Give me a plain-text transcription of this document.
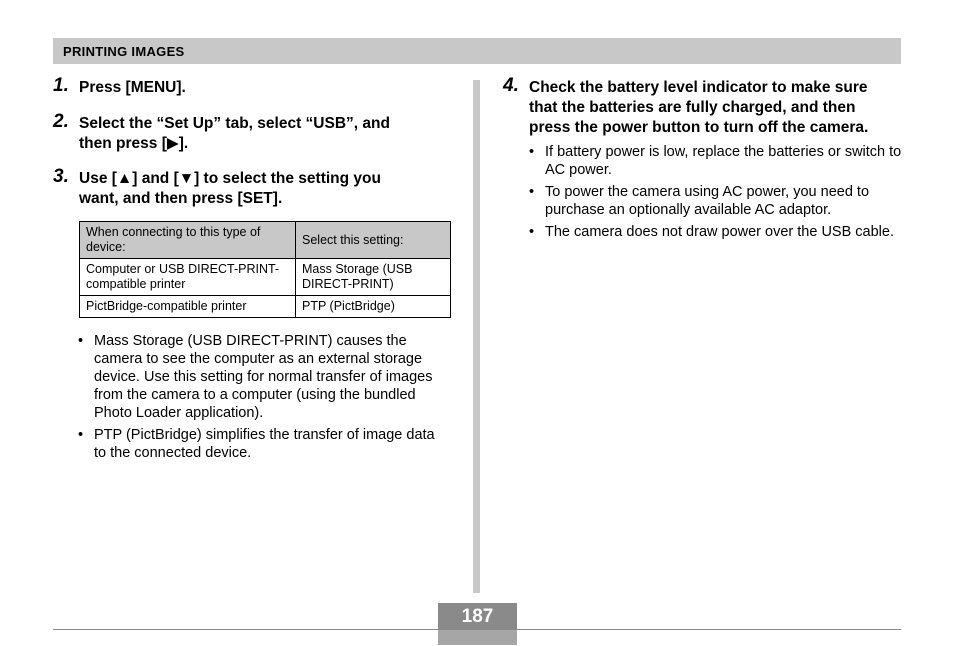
PRINTING IMAGES
1. Press [MENU].
2. Select the “Set Up” tab, select “USB”, and
then press [▶].
3. Use [▲] and [▼] to select the setting you
want, and then press [SET].
When connecting to this type of device:	Select this setting:
Computer or USB DIRECT-PRINT-compatible printer	Mass Storage (USB DIRECT-PRINT)
PictBridge-compatible printer	PTP (PictBridge)
• Mass Storage (USB DIRECT-PRINT) causes the camera to see the computer as an external storage device. Use this setting for normal transfer of images from the camera to a computer (using the bundled Photo Loader application).
• PTP (PictBridge) simplifies the transfer of image data to the connected device.
4. Check the battery level indicator to make sure
that the batteries are fully charged, and then
press the power button to turn off the camera.
• If battery power is low, replace the batteries or switch to AC power.
• To power the camera using AC power, you need to purchase an optionally available AC adaptor.
• The camera does not draw power over the USB cable.
187
